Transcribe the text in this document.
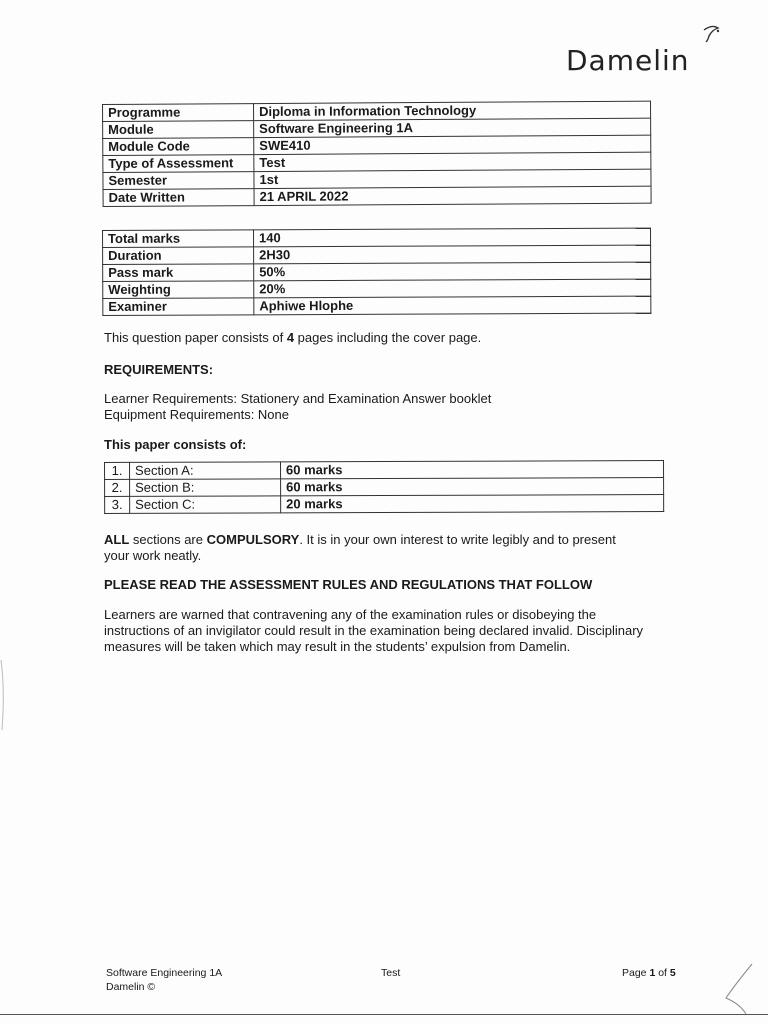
Damelin
Programme	Diploma in Information Technology
Module	Software Engineering 1A
Module Code	SWE410
Type of Assessment	Test
Semester	1st
Date Written	21 APRIL 2022
Total marks	140
Duration	2H30
Pass mark	50%
Weighting	20%
Examiner	Aphiwe Hlophe
This question paper consists of 4 pages including the cover page.
REQUIREMENTS:
Learner Requirements: Stationery and Examination Answer booklet
Equipment Requirements: None
This paper consists of:
1.	Section A:	60 marks
2.	Section B:	60 marks
3.	Section C:	20 marks
ALL sections are COMPULSORY. It is in your own interest to write legibly and to present
your work neatly.
PLEASE READ THE ASSESSMENT RULES AND REGULATIONS THAT FOLLOW
Learners are warned that contravening any of the examination rules or disobeying the
instructions of an invigilator could result in the examination being declared invalid. Disciplinary
measures will be taken which may result in the students’ expulsion from Damelin.
Software Engineering 1A
Damelin ©
Test	Page 1 of 5
